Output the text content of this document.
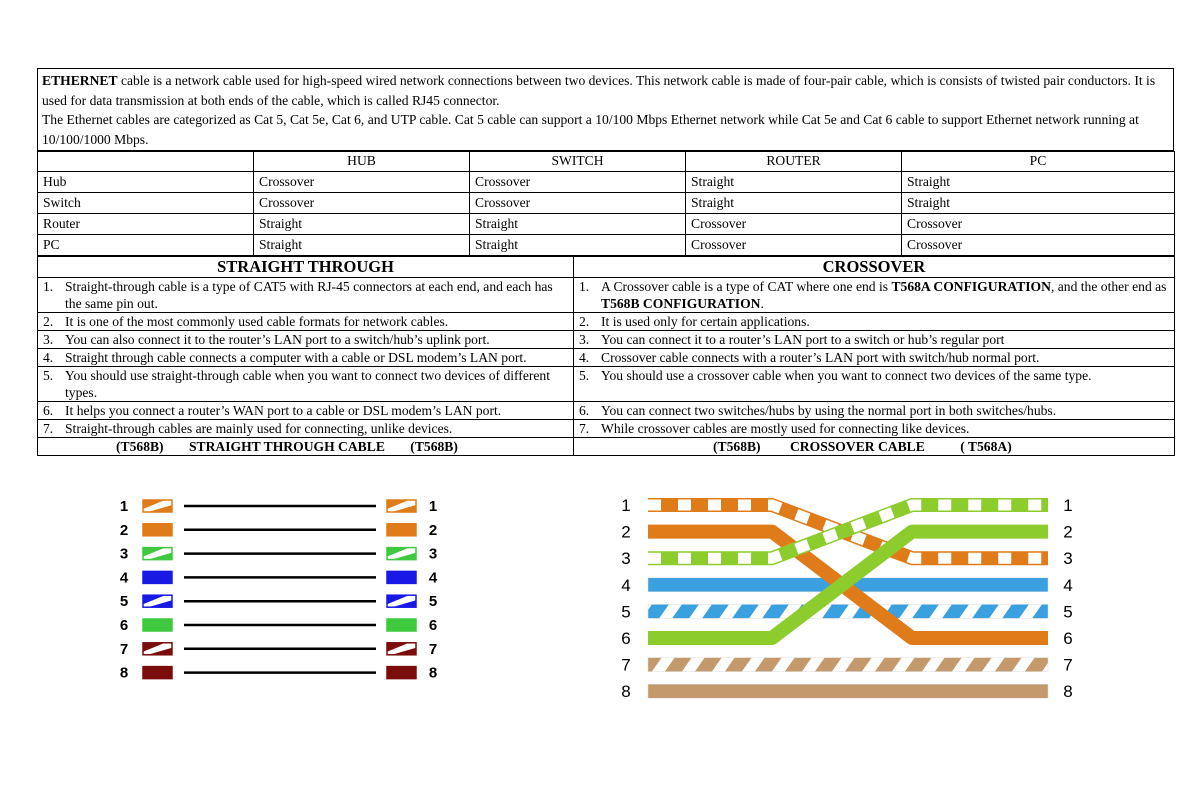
ETHERNET cable is a network cable used for high-speed wired network connections between two devices. This network cable is made of four-pair cable, which is consists of twisted pair conductors. It is used for data transmission at both ends of the cable, which is called RJ45 connector.
The Ethernet cables are categorized as Cat 5, Cat 5e, Cat 6, and UTP cable. Cat 5 cable can support a 10/100 Mbps Ethernet network while Cat 5e and Cat 6 cable to support Ethernet network running at 10/100/1000 Mbps.
	HUB	SWITCH	ROUTER	PC
Hub	Crossover	Crossover	Straight	Straight
Switch	Crossover	Crossover	Straight	Straight
Router	Straight	Straight	Crossover	Crossover
PC	Straight	Straight	Crossover	Crossover
STRAIGHT THROUGH	CROSSOVER

1. Straight-through cable is a type of CAT5 with RJ-45 connectors at each end, and each has the same pin out.	1. A Crossover cable is a type of CAT where one end is T568A CONFIGURATION, and the other end as T568B CONFIGURATION.

2. It is one of the most commonly used cable formats for network cables.	2. It is used only for certain applications.

3. You can also connect it to the router’s LAN port to a switch/hub’s uplink port.	3. You can connect it to a router’s LAN port to a switch or hub’s regular port

4. Straight through cable connects a computer with a cable or DSL modem’s LAN port.	4. Crossover cable connects with a router’s LAN port with switch/hub normal port.

5. You should use straight-through cable when you want to connect two devices of different types.	5. You should use a crossover cable when you want to connect two devices of the same type.

6. It helps you connect a router’s WAN port to a cable or DSL modem’s LAN port.	6. You can connect two switches/hubs by using the normal port in both switches/hubs.

7. Straight-through cables are mainly used for connecting, unlike devices.	7. While crossover cables are mostly used for connecting like devices.

(T568B) STRAIGHT THROUGH CABLE (T568B)	(T568B) CROSSOVER CABLE ( T568A)
1	1
2	2
3	3
4	4
5	5
6	6
7	7
8	8
1	1
2	2
3	3
4	4
5	5
6	6
7	7
8	8
